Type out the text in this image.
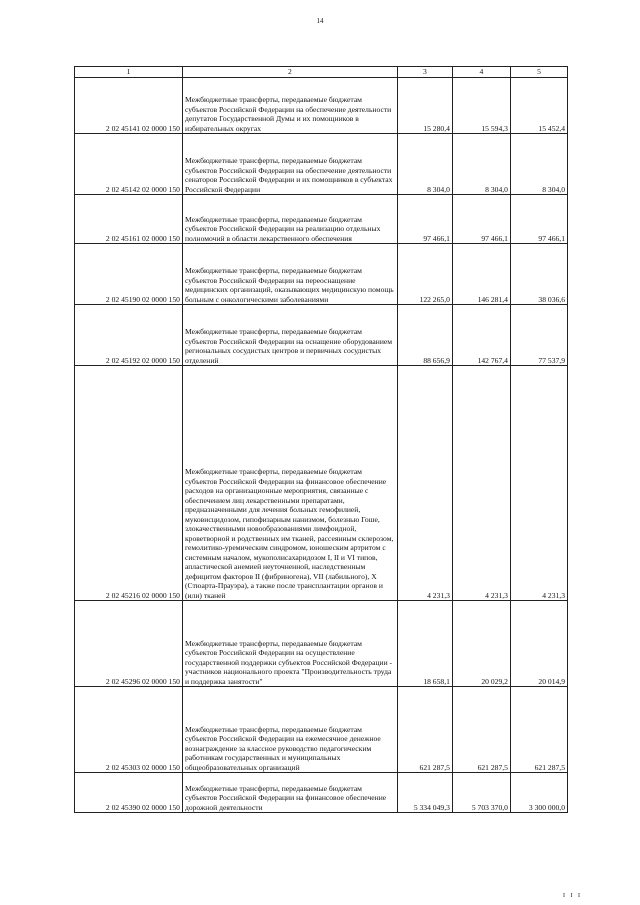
14
1	2	3	4	5
2 02 45141 02 0000 150	Межбюджетные трансферты, передаваемые бюджетам субъектов Российской Федерации на обеспечение деятельности депутатов Государственной Думы и их помощников в избирательных округах	15 280,4	15 594,3	15 452,4
2 02 45142 02 0000 150	Межбюджетные трансферты, передаваемые бюджетам субъектов Российской Федерации на обеспечение деятельности сенаторов Российской Федерации и их помощников в субъектах Российской Федерации	8 304,0	8 304,0	8 304,0
2 02 45161 02 0000 150	Межбюджетные трансферты, передаваемые бюджетам субъектов Российской Федерации на реализацию отдельных полномочий в области лекарственного обеспечения	97 466,1	97 466,1	97 466,1
2 02 45190 02 0000 150	Межбюджетные трансферты, передаваемые бюджетам субъектов Российской Федерации на переоснащение медицинских организаций, оказывающих медицинскую помощь больным с онкологическими заболеваниями	122 265,0	146 281,4	38 036,6
2 02 45192 02 0000 150	Межбюджетные трансферты, передаваемые бюджетам субъектов Российской Федерации на оснащение оборудованием региональных сосудистых центров и первичных сосудистых отделений	88 656,9	142 767,4	77 537,9
2 02 45216 02 0000 150	Межбюджетные трансферты, передаваемые бюджетам субъектов Российской Федерации на финансовое обеспечение расходов на организационные мероприятия, связанные с обеспечением лиц лекарственными препаратами, предназначенными для лечения больных гемофилией, муковисцидозом, гипофизарным нанизмом, болезнью Гоше, злокачественными новообразованиями лимфоидной, кроветворной и родственных им тканей, рассеянным склерозом, гемолитико-уремическим синдромом, юношеским артритом с системным началом, мукополисахаридозом I, II и VI типов, апластической анемией неуточненной, наследственным дефицитом факторов II (фибриногена), VII (лабильного), X (Стюарта-Прауэра), а также после трансплантации органов и (или) тканей	4 231,3	4 231,3	4 231,3
2 02 45296 02 0000 150	Межбюджетные трансферты, передаваемые бюджетам субъектов Российской Федерации на осуществление государственной поддержки субъектов Российской Федерации - участников национального проекта "Производительность труда и поддержка занятости"	18 658,1	20 029,2	20 014,9
2 02 45303 02 0000 150	Межбюджетные трансферты, передаваемые бюджетам субъектов Российской Федерации на ежемесячное денежное вознаграждение за классное руководство педагогическим работникам государственных и муниципальных общеобразовательных организаций	621 287,5	621 287,5	621 287,5
2 02 45390 02 0000 150	Межбюджетные трансферты, передаваемые бюджетам субъектов Российской Федерации на финансовое обеспечение дорожной деятельности	5 334 049,3	5 703 370,0	3 300 000,0
I I I
